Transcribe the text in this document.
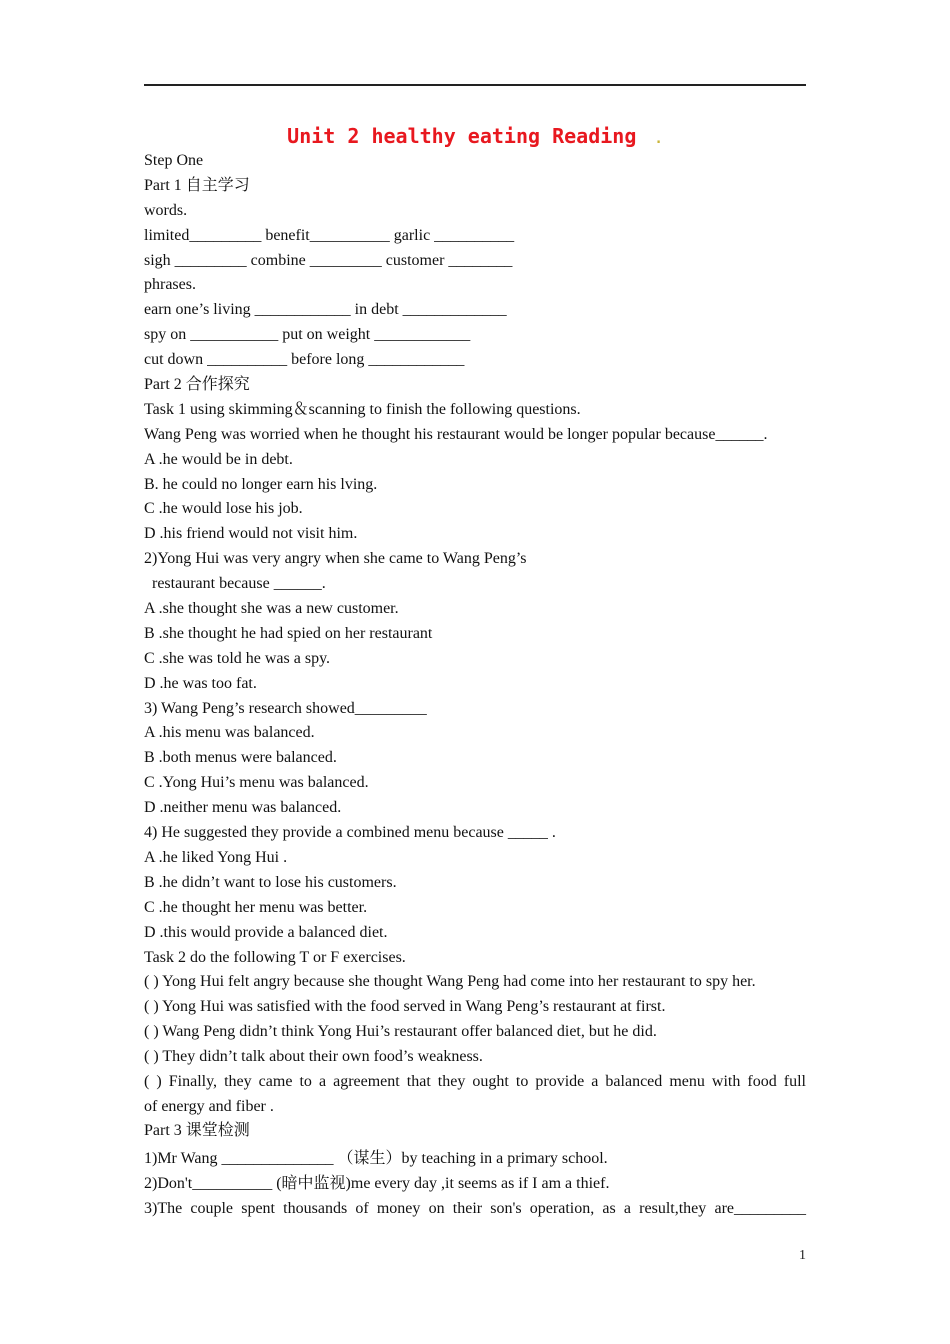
Unit 2 healthy eating Reading .
Step One
Part 1 自主学习
words.
limited_________ benefit__________ garlic __________
sigh _________ combine _________ customer ________
phrases.
earn one’s living ____________ in debt _____________
spy on ___________ put on weight ____________
cut down __________ before long ____________
Part 2 合作探究
Task 1 using skimming＆scanning to finish the following questions.
Wang Peng was worried when he thought his restaurant would be longer popular because______.
A .he would be in debt.
B. he could no longer earn his lving.
C .he would lose his job.
D .his friend would not visit him.
2)Yong Hui was very angry when she came to Wang Peng’s
restaurant because ______.
A .she thought she was a new customer.
B .she thought he had spied on her restaurant
C .she was told he was a spy.
D .he was too fat.
3) Wang Peng’s research showed_________
A .his menu was balanced.
B .both menus were balanced.
C .Yong Hui’s menu was balanced.
D .neither menu was balanced.
4) He suggested they provide a combined menu because _____ .
A .he liked Yong Hui .
B .he didn’t want to lose his customers.
C .he thought her menu was better.
D .this would provide a balanced diet.
Task 2 do the following T or F exercises.
( ) Yong Hui felt angry because she thought Wang Peng had come into her restaurant to spy her.
( ) Yong Hui was satisfied with the food served in Wang Peng’s restaurant at first.
( ) Wang Peng didn’t think Yong Hui’s restaurant offer balanced diet, but he did.
( ) They didn’t talk about their own food’s weakness.
( ) Finally, they came to a agreement that they ought to provide a balanced menu with food full
of energy and fiber .
Part 3 课堂检测
1)Mr Wang ______________ （谋生）by teaching in a primary school.
2)Don't__________ (暗中监视)me every day ,it seems as if I am a thief.
3)The couple spent thousands of money on their son's operation, as a result,they are_________
1
